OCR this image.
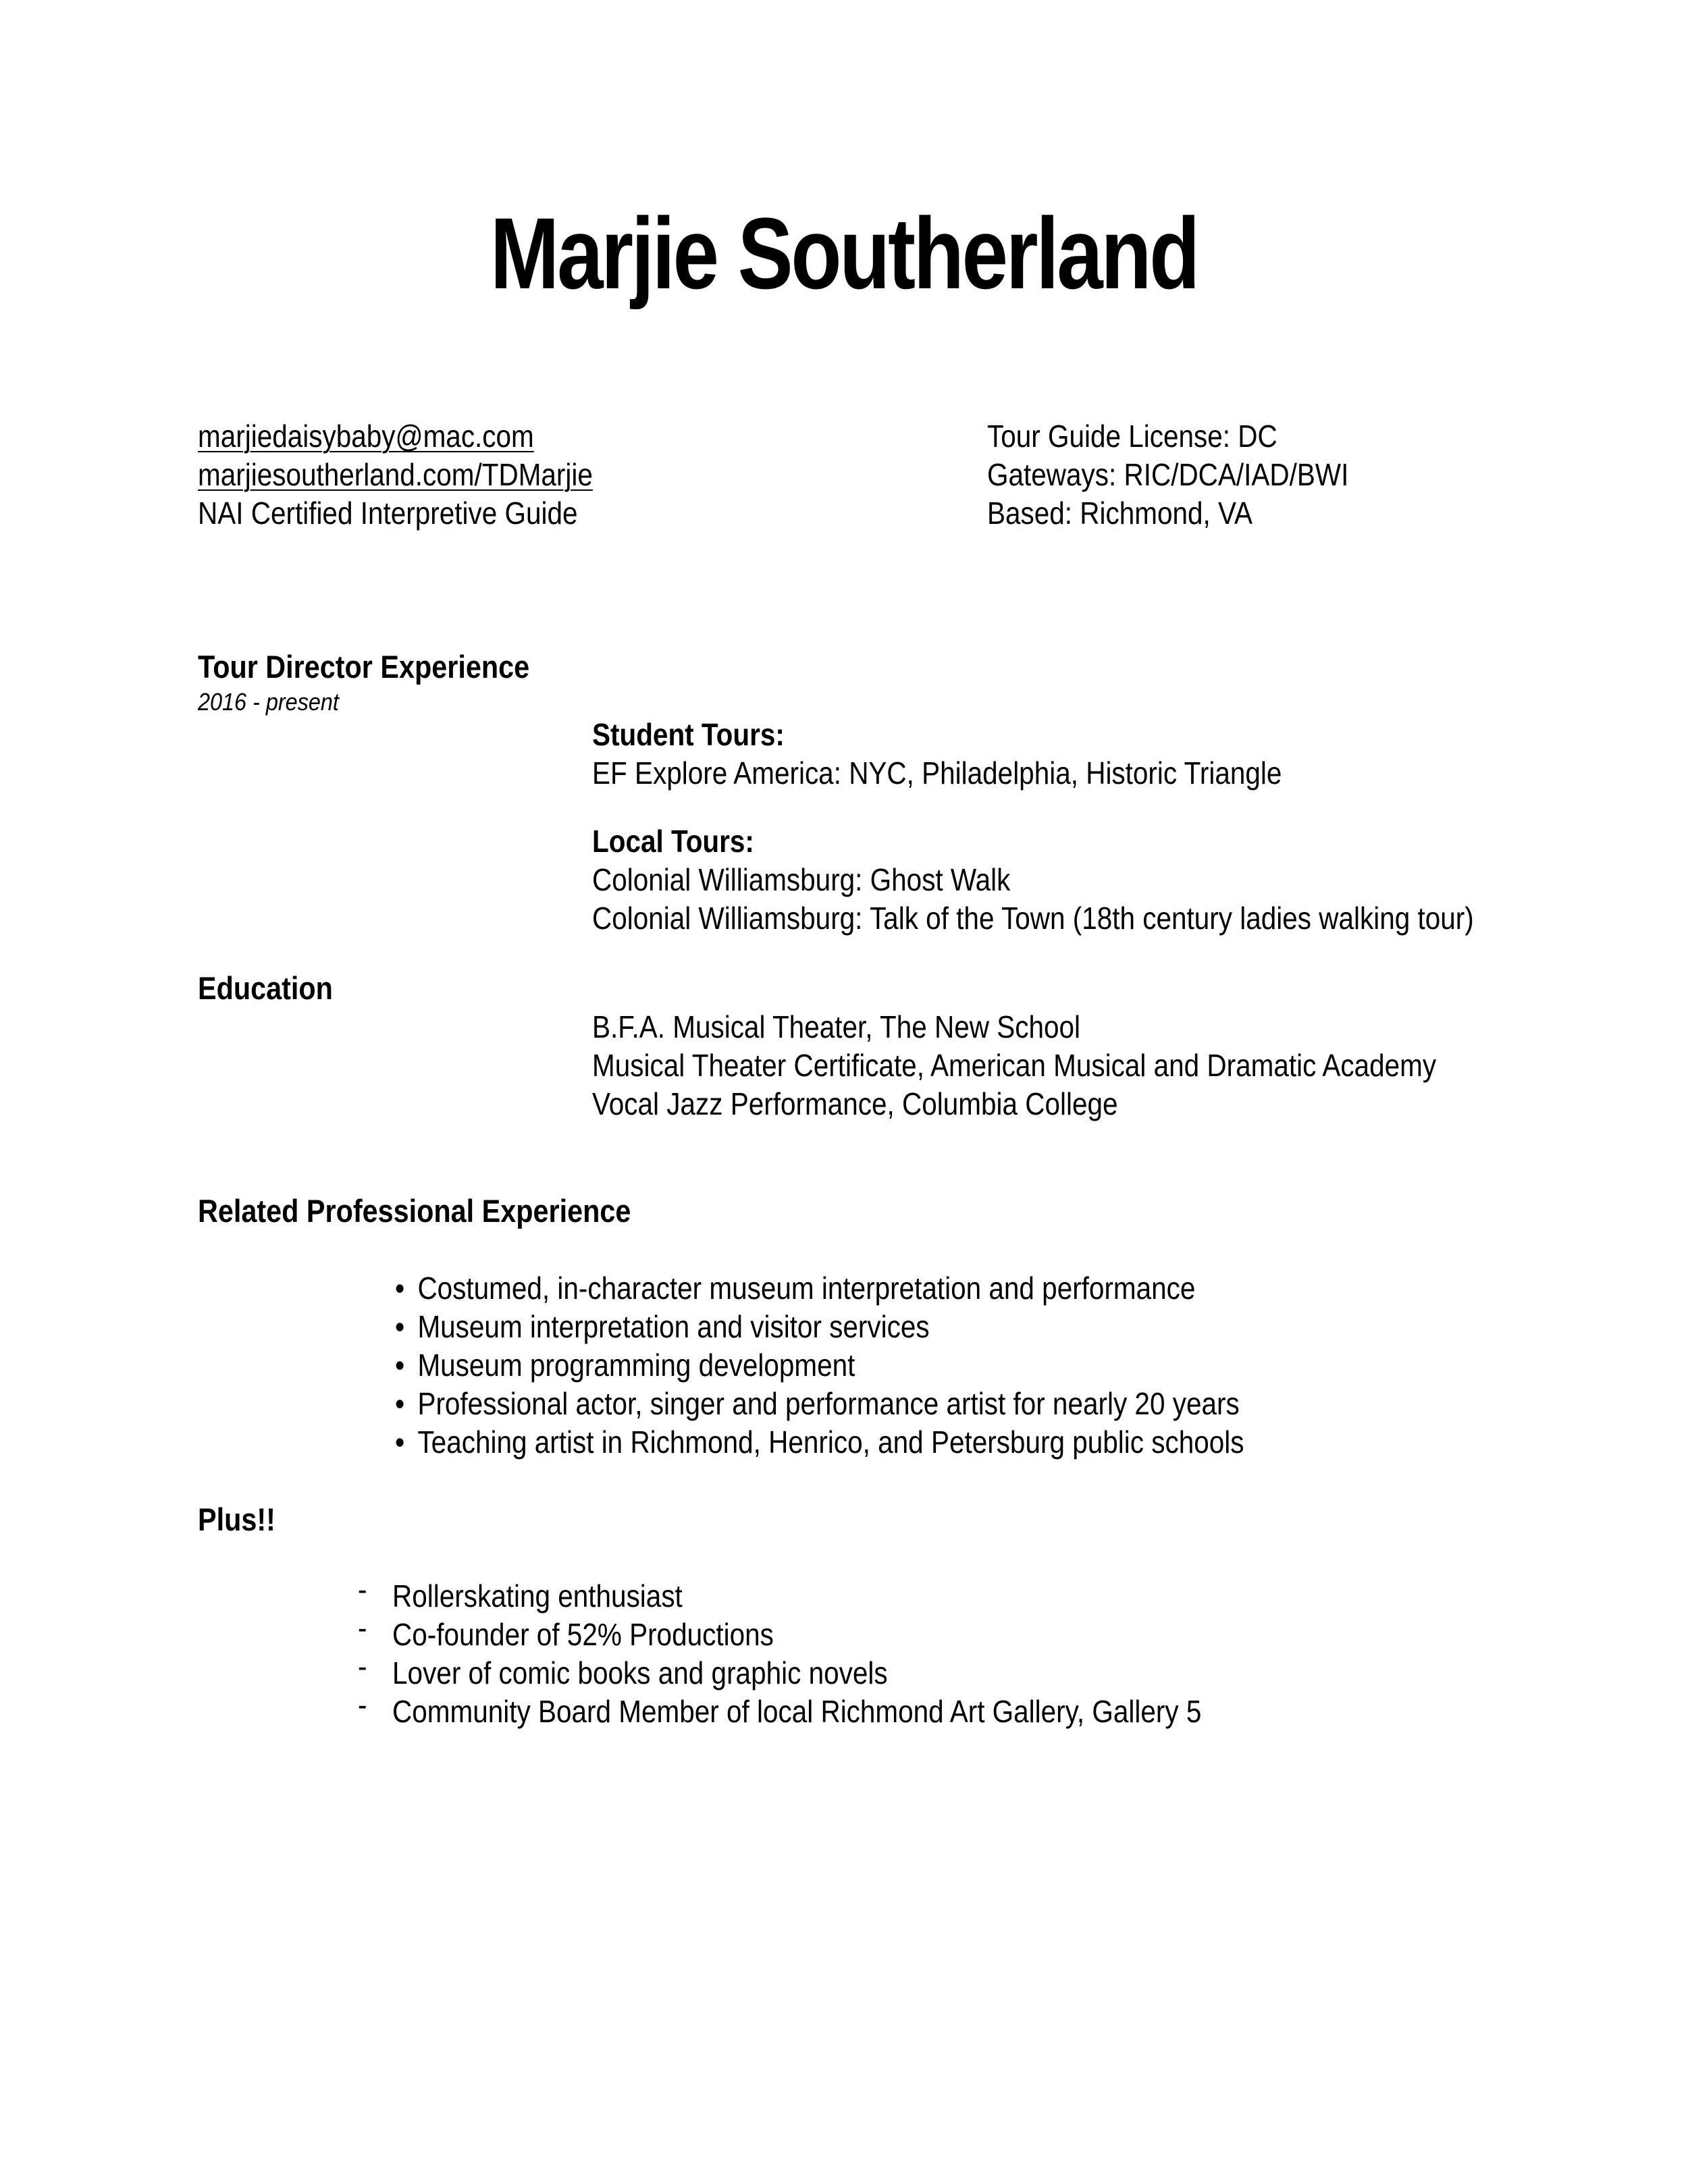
Marjie Southerland
marjiedaisybaby@mac.com
marjiesoutherland.com/TDMarjie
NAI Certified Interpretive Guide
Tour Guide License: DC
Gateways: RIC/DCA/IAD/BWI
Based: Richmond, VA
Tour Director Experience
2016 - present
Student Tours:
EF Explore America: NYC, Philadelphia, Historic Triangle
Local Tours:
Colonial Williamsburg: Ghost Walk
Colonial Williamsburg: Talk of the Town (18th century ladies walking tour)
Education
B.F.A. Musical Theater, The New School
Musical Theater Certificate, American Musical and Dramatic Academy
Vocal Jazz Performance, Columbia College
Related Professional Experience
• Costumed, in-character museum interpretation and performance
• Museum interpretation and visitor services
• Museum programming development
• Professional actor, singer and performance artist for nearly 20 years
• Teaching artist in Richmond, Henrico, and Petersburg public schools
Plus!!
- Rollerskating enthusiast
- Co-founder of 52% Productions
- Lover of comic books and graphic novels
- Community Board Member of local Richmond Art Gallery, Gallery 5
